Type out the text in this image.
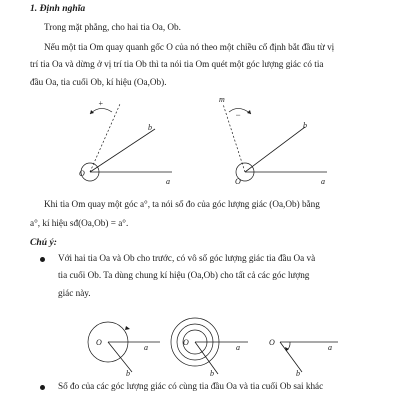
1. Định nghĩa
Trong mặt phẳng, cho hai tia Oa, Ob.
Nếu một tia Om quay quanh gốc O của nó theo một chiều cố định bắt đầu từ vị
trí tia Oa và dừng ở vị trí tia Ob thì ta nói tia Om quét một góc lượng giác có tia
đầu Oa, tia cuối Ob, kí hiệu (Oa,Ob).
+
O
a
b
−
m
O	a
b
Khi tia Om quay một góc a°, ta nói số đo của góc lượng giác (Oa,Ob) bằng
a°, kí hiệu sđ(Oa,Ob) = a°.
Chú ý:
Với hai tia Oa và Ob cho trước, có vô số góc lượng giác tia đầu Oa và
tia cuối Ob. Ta dùng chung kí hiệu (Oa,Ob) cho tất cả các góc lượng
giác này.
O
a
b
O
a
b
O
a
b
Số đo của các góc lượng giác có cùng tia đầu Oa và tia cuối Ob sai khác
